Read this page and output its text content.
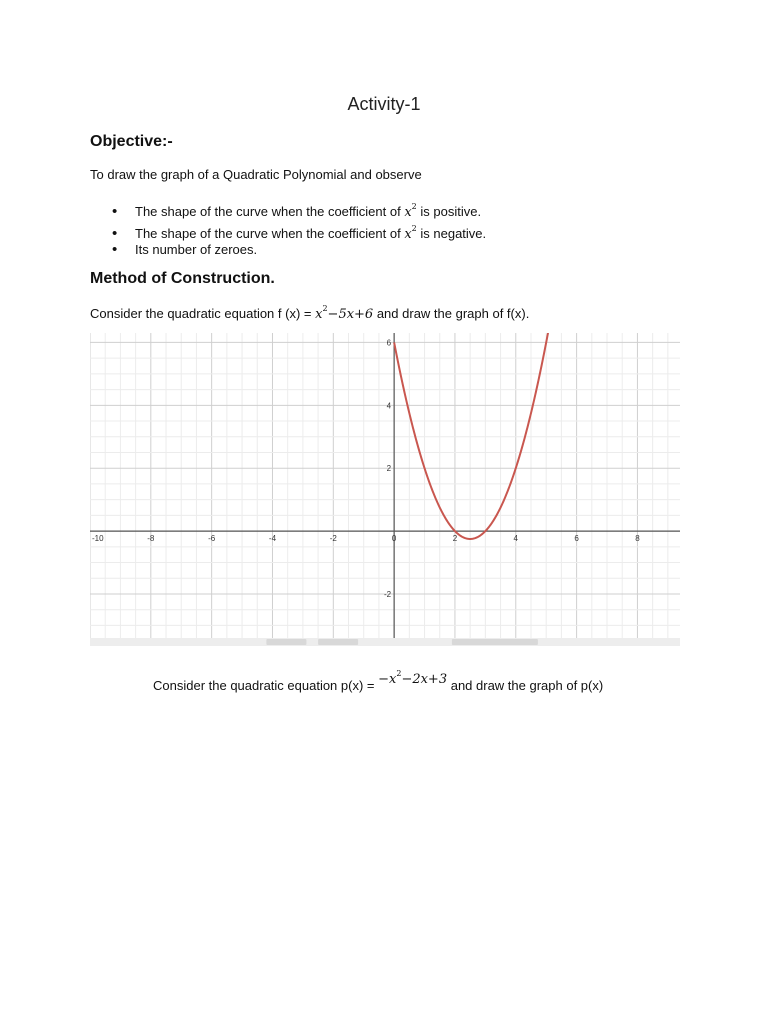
Activity-1
Objective:-
To draw the graph of a Quadratic Polynomial and observe
• The shape of the curve when the coefficient of $x^2$ is positive.
• The shape of the curve when the coefficient of $x^2$ is negative.
• Its number of zeroes.
Method of Construction.
Consider the quadratic equation f $(x) = x^2-5x+6$ and draw the graph of f(x).
-10	-8	-6	-4	-2	0	2	4	6	8
-2
2
4
6
Consider the quadratic equation $p(x) = -x^2-2x+3$ and draw the graph of p(x)
